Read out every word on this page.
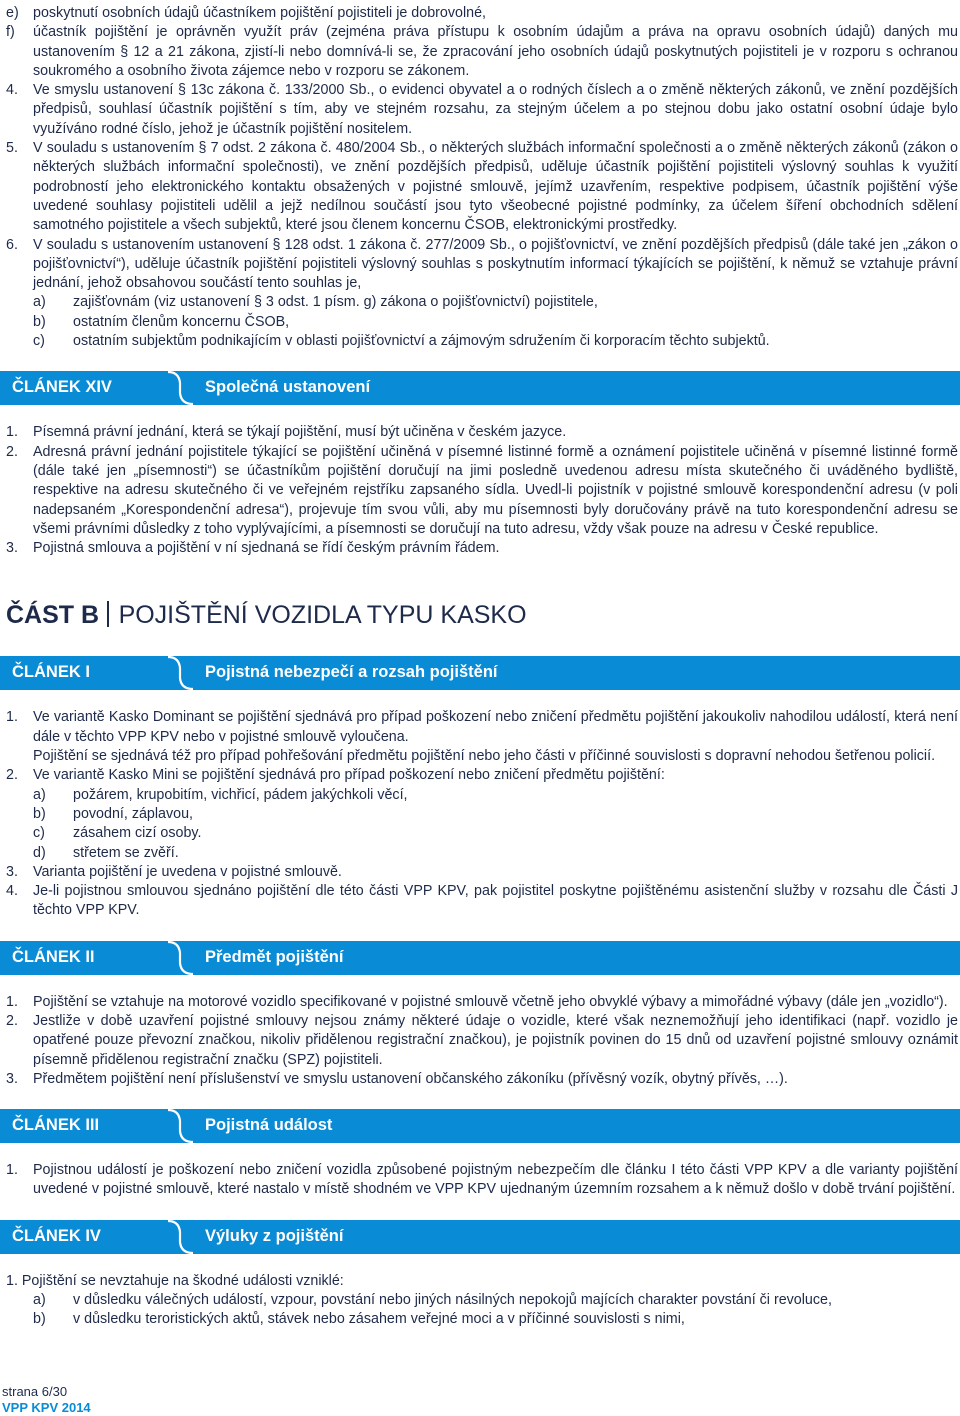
e) poskytnutí osobních údajů účastníkem pojištění pojistiteli je dobrovolné,

f)	účastník pojištění je oprávněn využít práv (zejména práva přístupu k osobním údajům a práva na opravu osobních údajů) daných mu ustanovením § 12 a 21 zákona, zjistí-li nebo domnívá-li se, že zpracování jeho osobních údajů poskytnutých pojistiteli je v rozporu s ochranou soukromého a osobního života zájemce nebo v rozporu se zákonem.

4.	Ve smyslu ustanovení § 13c zákona č. 133/2000 Sb., o evidenci obyvatel a o rodných číslech a o změně některých zákonů, ve znění pozdějších předpisů, souhlasí účastník pojištění s tím, aby ve stejném rozsahu, za stejným účelem a po stejnou dobu jako ostatní osobní údaje bylo využíváno rodné číslo, jehož je účastník pojištění nositelem.

5.	V souladu s ustanovením § 7 odst. 2 zákona č. 480/2004 Sb., o některých službách informační společnosti a o změně některých zákonů (zákon o některých službách informační společnosti), ve znění pozdějších předpisů, uděluje účastník pojištění pojistiteli výslovný souhlas k využití podrobností jeho elektronického kontaktu obsažených v pojistné smlouvě, jejímž uzavřením, respektive podpisem, účastník pojištění výše uvedené souhlasy pojistiteli udělil a jejž nedílnou součástí jsou tyto všeobecné pojistné podmínky, za účelem šíření obchodních sdělení samotného pojistitele a všech subjektů, které jsou členem koncernu ČSOB, elektronickými prostředky.

6.	V souladu s ustanovením ustanovení § 128 odst. 1 zákona č. 277/2009 Sb., o pojišťovnictví, ve znění pozdějších předpisů (dále také jen „zákon o pojišťovnictví“), uděluje účastník pojištění pojistiteli výslovný souhlas s poskytnutím informací týkajících se pojištění, k němuž se vztahuje právní jednání, jehož obsahovou součástí tento souhlas je,

a)	zajišťovnám (viz ustanovení § 3 odst. 1 písm. g) zákona o pojišťovnictví) pojistitele,

b)	ostatním členům koncernu ČSOB,

c)	ostatním subjektům podnikajícím v oblasti pojišťovnictví a zájmovým sdružením či korporacím těchto subjektů.

ČLÁNEK XIV	Společná ustanovení
1.	Písemná právní jednání, která se týkají pojištění, musí být učiněna v českém jazyce.

2.	Adresná právní jednání pojistitele týkající se pojištění učiněná v písemné listinné formě a oznámení pojistitele učiněná v písemné listinné formě (dále také jen „písemnosti“) se účastníkům pojištění doručují na jimi posledně uvedenou adresu místa skutečného či uváděného bydliště, respektive na adresu skutečného či ve veřejném rejstříku zapsaného sídla. Uvedl-li pojistník v pojistné smlouvě korespondenční adresu (v poli nadepsaném „Korespondenční adresa“), projevuje tím svou vůli, aby mu písemnosti byly doručovány právě na tuto korespondenční adresu se všemi právními důsledky z toho vyplývajícími, a písemnosti se doručují na tuto adresu, vždy však pouze na adresu v České republice.

3.	Pojistná smlouva a pojištění v ní sjednaná se řídí českým právním řádem.

ČÁST B POJIŠTĚNÍ VOZIDLA TYPU KASKO
ČLÁNEK I	Pojistná nebezpečí a rozsah pojištění
1.	Ve variantě Kasko Dominant se pojištění sjednává pro případ poškození nebo zničení předmětu pojištění jakoukoliv nahodilou událostí, která není dále v těchto VPP KPV nebo v pojistné smlouvě vyloučena.

Pojištění se sjednává též pro případ pohřešování předmětu pojištění nebo jeho části v příčinné souvislosti s dopravní nehodou šetřenou policií.

2.	Ve variantě Kasko Mini se pojištění sjednává pro případ poškození nebo zničení předmětu pojištění:

a)	požárem, krupobitím, vichřicí, pádem jakýchkoli věcí,

b)	povodní, záplavou,

c)	zásahem cizí osoby.

d)	střetem se zvěří.

3.	Varianta pojištění je uvedena v pojistné smlouvě.

4.	Je-li pojistnou smlouvou sjednáno pojištění dle této části VPP KPV, pak pojistitel poskytne pojištěnému asistenční služby v rozsahu dle Části J těchto VPP KPV.

ČLÁNEK II	Předmět pojištění
1.	Pojištění se vztahuje na motorové vozidlo specifikované v pojistné smlouvě včetně jeho obvyklé výbavy a mimořádné výbavy (dále jen „vozidlo“).

2.	Jestliže v době uzavření pojistné smlouvy nejsou známy některé údaje o vozidle, které však neznemožňují jeho identifikaci (např. vozidlo je opatřené pouze převozní značkou, nikoliv přidělenou registrační značkou), je pojistník povinen do 15 dnů od uzavření pojistné smlouvy oznámit písemně přidělenou registrační značku (SPZ) pojistiteli.

3.	Předmětem pojištění není příslušenství ve smyslu ustanovení občanského zákoníku (přívěsný vozík, obytný přívěs, …).

ČLÁNEK III	Pojistná událost
1.	Pojistnou událostí je poškození nebo zničení vozidla způsobené pojistným nebezpečím dle článku I této části VPP KPV a dle varianty pojištění uvedené v pojistné smlouvě, které nastalo v místě shodném ve VPP KPV ujednaným územním rozsahem a k němuž došlo v době trvání pojištění.

ČLÁNEK IV	Výluky z pojištění

1. Pojištění se nevztahuje na škodné události vzniklé:

a)	v důsledku válečných událostí, vzpour, povstání nebo jiných násilných nepokojů majících charakter povstání či revoluce,

b)	v důsledku teroristických aktů, stávek nebo zásahem veřejné moci a v příčinné souvislosti s nimi,

strana 6/30
VPP KPV 2014
